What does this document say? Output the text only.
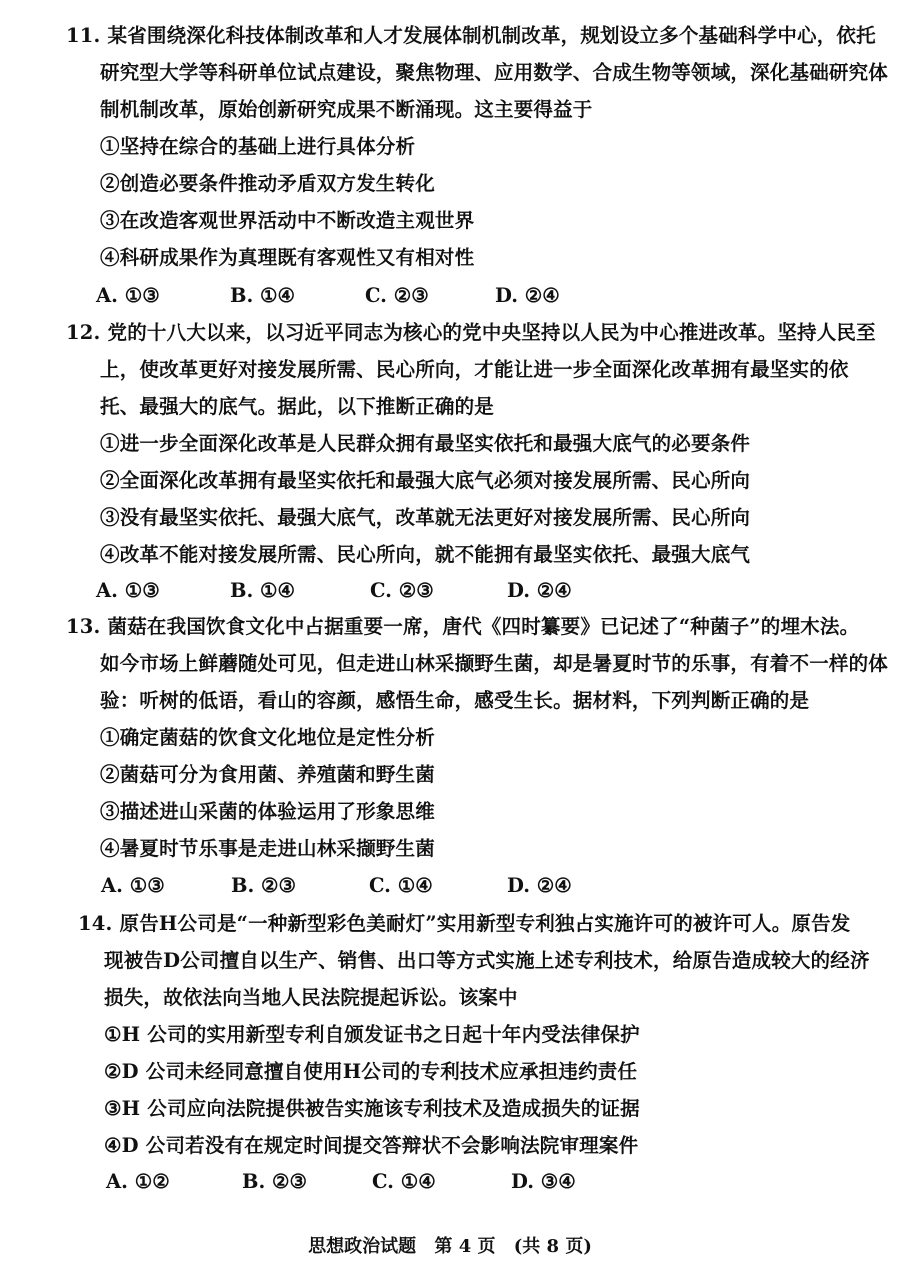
11. 某省围绕深化科技体制改革和人才发展体制机制改革，规划设立多个基础科学中心，依托
研究型大学等科研单位试点建设，聚焦物理、应用数学、合成生物等领域，深化基础研究体
制机制改革，原始创新研究成果不断涌现。这主要得益于
①坚持在综合的基础上进行具体分析
②创造必要条件推动矛盾双方发生转化
③在改造客观世界活动中不断改造主观世界
④科研成果作为真理既有客观性又有相对性
A. ①③	B. ①④	C. ②③	D. ②④
12. 党的十八大以来，以习近平同志为核心的党中央坚持以人民为中心推进改革。坚持人民至
上，使改革更好对接发展所需、民心所向，才能让进一步全面深化改革拥有最坚实的依
托、最强大的底气。据此，以下推断正确的是
①进一步全面深化改革是人民群众拥有最坚实依托和最强大底气的必要条件
②全面深化改革拥有最坚实依托和最强大底气必须对接发展所需、民心所向
③没有最坚实依托、最强大底气，改革就无法更好对接发展所需、民心所向
④改革不能对接发展所需、民心所向，就不能拥有最坚实依托、最强大底气
A. ①③	B. ①④	C. ②③	D. ②④
13. 菌菇在我国饮食文化中占据重要一席，唐代《四时纂要》已记述了“种菌子”的埋木法。
如今市场上鲜蘑随处可见，但走进山林采撷野生菌，却是暑夏时节的乐事，有着不一样的体
验：听树的低语，看山的容颜，感悟生命，感受生长。据材料，下列判断正确的是
①确定菌菇的饮食文化地位是定性分析
②菌菇可分为食用菌、养殖菌和野生菌
③描述进山采菌的体验运用了形象思维
④暑夏时节乐事是走进山林采撷野生菌
A. ①③	B. ②③	C. ①④	D. ②④
14. 原告H公司是“一种新型彩色美耐灯”实用新型专利独占实施许可的被许可人。原告发
现被告D公司擅自以生产、销售、出口等方式实施上述专利技术，给原告造成较大的经济
损失，故依法向当地人民法院提起诉讼。该案中
①H 公司的实用新型专利自颁发证书之日起十年内受法律保护
②D 公司未经同意擅自使用H公司的专利技术应承担违约责任
③H 公司应向法院提供被告实施该专利技术及造成损失的证据
④D 公司若没有在规定时间提交答辩状不会影响法院审理案件
A. ①②	B. ②③	C. ①④	D. ③④
思想政治试题 第 4 页 (共 8 页)
